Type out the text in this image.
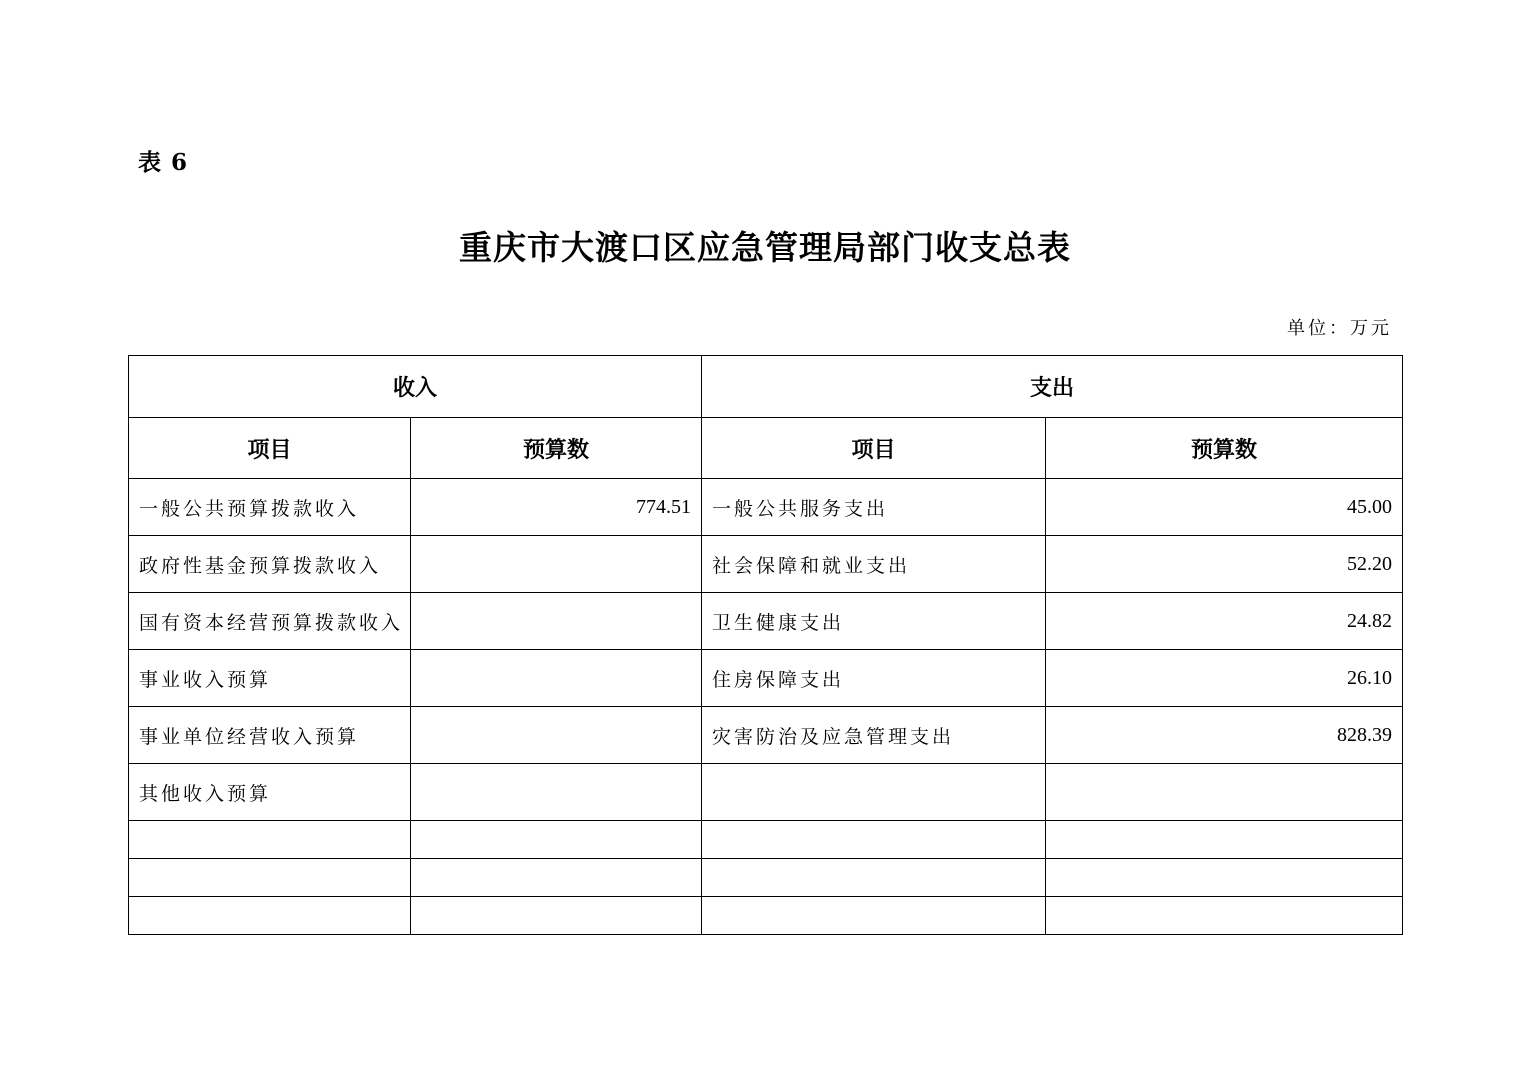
表 6
重庆市大渡口区应急管理局部门收支总表
单位：万元
收入		支出	
项目	预算数	项目	预算数
一般公共预算拨款收入	774.51	一般公共服务支出	45.00
政府性基金预算拨款收入		社会保障和就业支出	52.20
国有资本经营预算拨款收入		卫生健康支出	24.82
事业收入预算		住房保障支出	26.10
事业单位经营收入预算		灾害防治及应急管理支出	828.39
其他收入预算			
